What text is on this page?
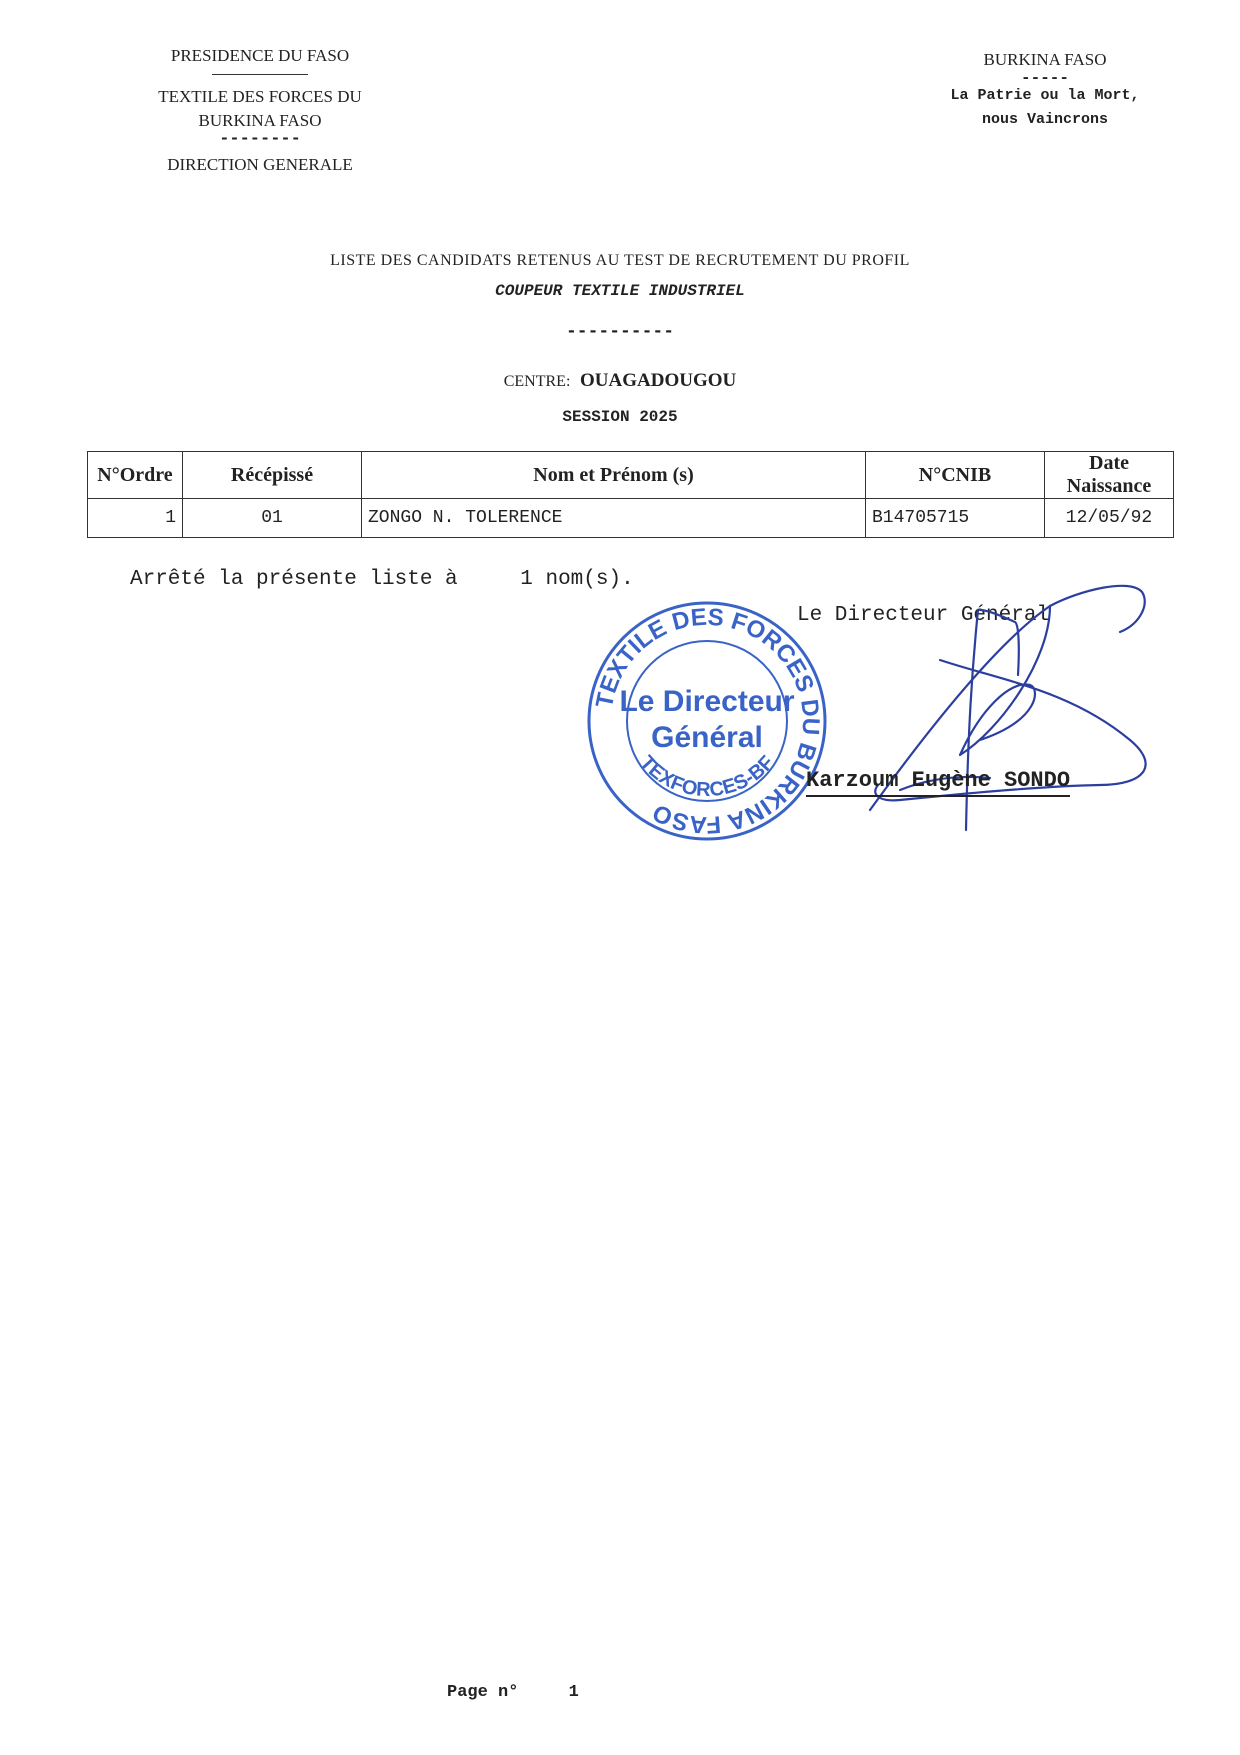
PRESIDENCE DU FASO
TEXTILE DES FORCES DU
BURKINA FASO
--------
DIRECTION GENERALE
BURKINA FASO
-----
La Patrie ou la Mort,
nous Vaincrons
LISTE DES CANDIDATS RETENUS AU TEST DE RECRUTEMENT DU PROFIL
COUPEUR TEXTILE INDUSTRIEL
----------
CENTRE: OUAGADOUGOU
SESSION 2025
N°Ordre	Récépissé	Nom et Prénom (s)	N°CNIB	Date Naissance
1	01	ZONGO N. TOLERENCE	B14705715	12/05/92
Arrêté la présente liste à	1 nom(s).
Le Directeur Général
TEXTILE DES FORCES DU BURKINA FASO
Le Directeur
Général
TEXFORCES-BF
Karzoum Eugène SONDO
Page n°	1
